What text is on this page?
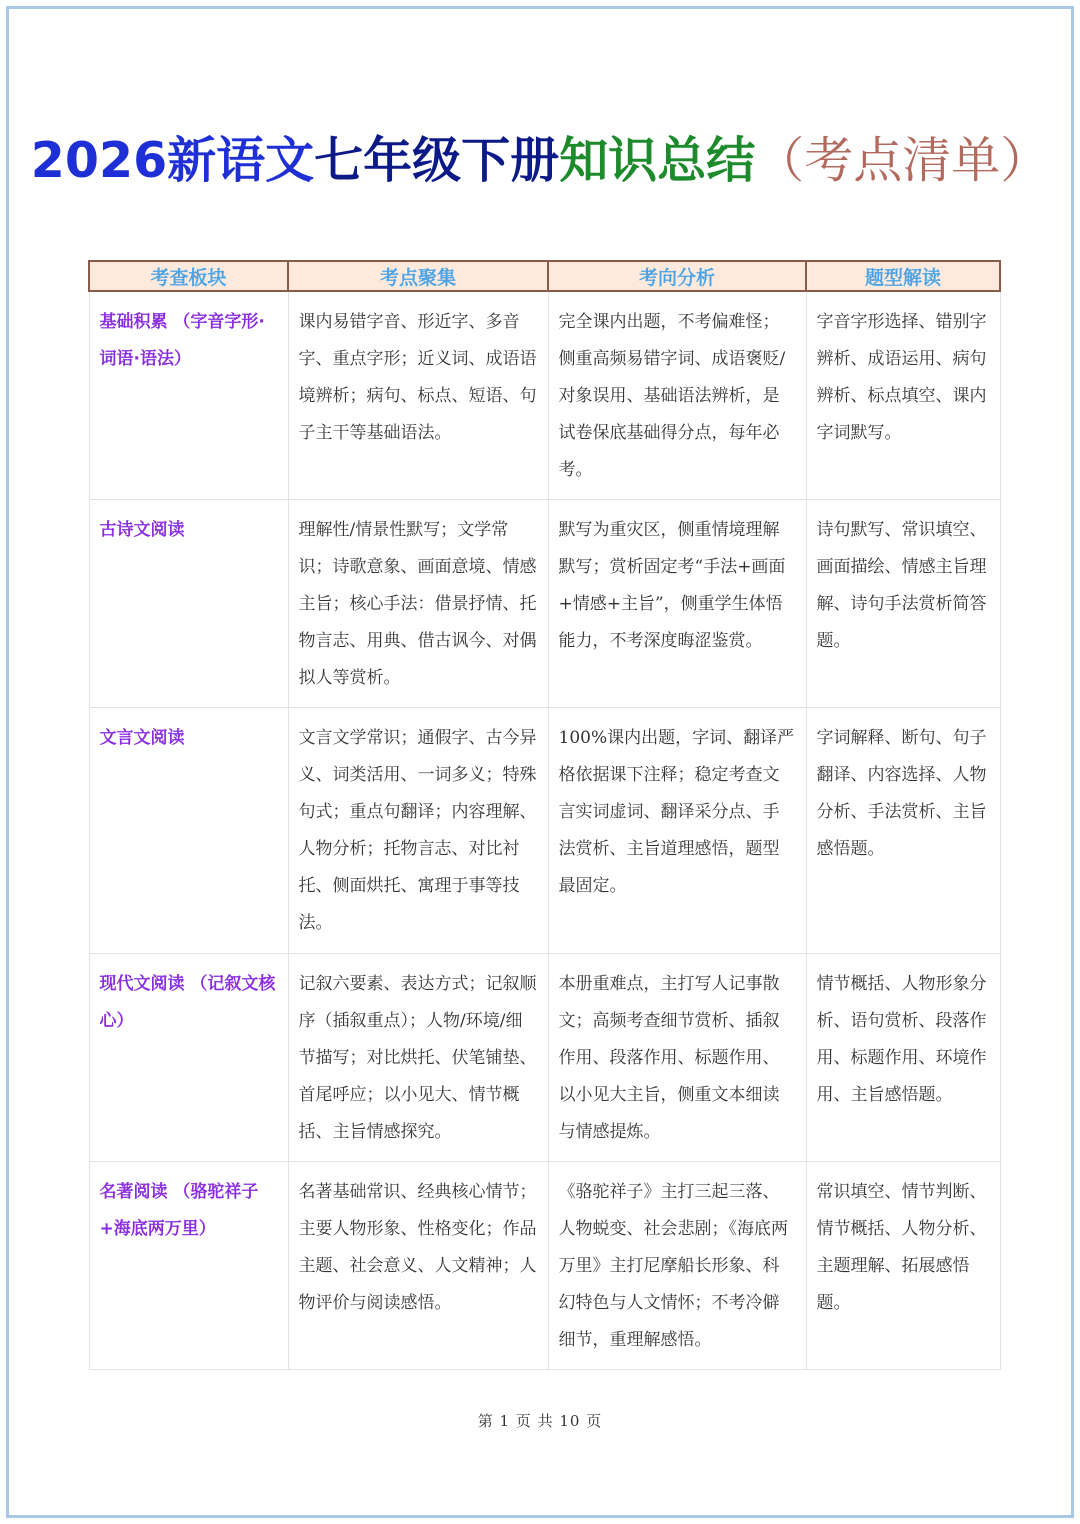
2026新语文七年级下册知识总结（考点清单）
考查板块	考点聚集	考向分析	题型解读
基础积累 （字音字形·词语·语法）	课内易错字音、形近字、多音字、重点字形；近义词、成语语境辨析；病句、标点、短语、句子主干等基础语法。	完全课内出题，不考偏难怪；侧重高频易错字词、成语褒贬/对象误用、基础语法辨析，是试卷保底基础得分点，每年必考。	字音字形选择、错别字辨析、成语运用、病句辨析、标点填空、课内字词默写。
古诗文阅读	理解性/情景性默写；文学常识；诗歌意象、画面意境、情感主旨；核心手法：借景抒情、托物言志、用典、借古讽今、对偶拟人等赏析。	默写为重灾区，侧重情境理解默写；赏析固定考“手法+画面+情感+主旨”，侧重学生体悟能力，不考深度晦涩鉴赏。	诗句默写、常识填空、画面描绘、情感主旨理解、诗句手法赏析简答题。
文言文阅读	文言文学常识；通假字、古今异义、词类活用、一词多义；特殊句式；重点句翻译；内容理解、人物分析；托物言志、对比衬托、侧面烘托、寓理于事等技法。	100%课内出题，字词、翻译严格依据课下注释；稳定考查文言实词虚词、翻译采分点、手法赏析、主旨道理感悟，题型最固定。	字词解释、断句、句子翻译、内容选择、人物分析、手法赏析、主旨感悟题。
现代文阅读 （记叙文核心）	记叙六要素、表达方式；记叙顺序（插叙重点）；人物/环境/细节描写；对比烘托、伏笔铺垫、首尾呼应；以小见大、情节概括、主旨情感探究。	本册重难点，主打写人记事散文；高频考查细节赏析、插叙作用、段落作用、标题作用、以小见大主旨，侧重文本细读与情感提炼。	情节概括、人物形象分析、语句赏析、段落作用、标题作用、环境作用、主旨感悟题。
名著阅读 （骆驼祥子+海底两万里）	名著基础常识、经典核心情节；主要人物形象、性格变化；作品主题、社会意义、人文精神；人物评价与阅读感悟。	《骆驼祥子》主打三起三落、人物蜕变、社会悲剧；《海底两万里》主打尼摩船长形象、科幻特色与人文情怀；不考冷僻细节，重理解感悟。	常识填空、情节判断、情节概括、人物分析、主题理解、拓展感悟题。
第 1 页 共 10 页
